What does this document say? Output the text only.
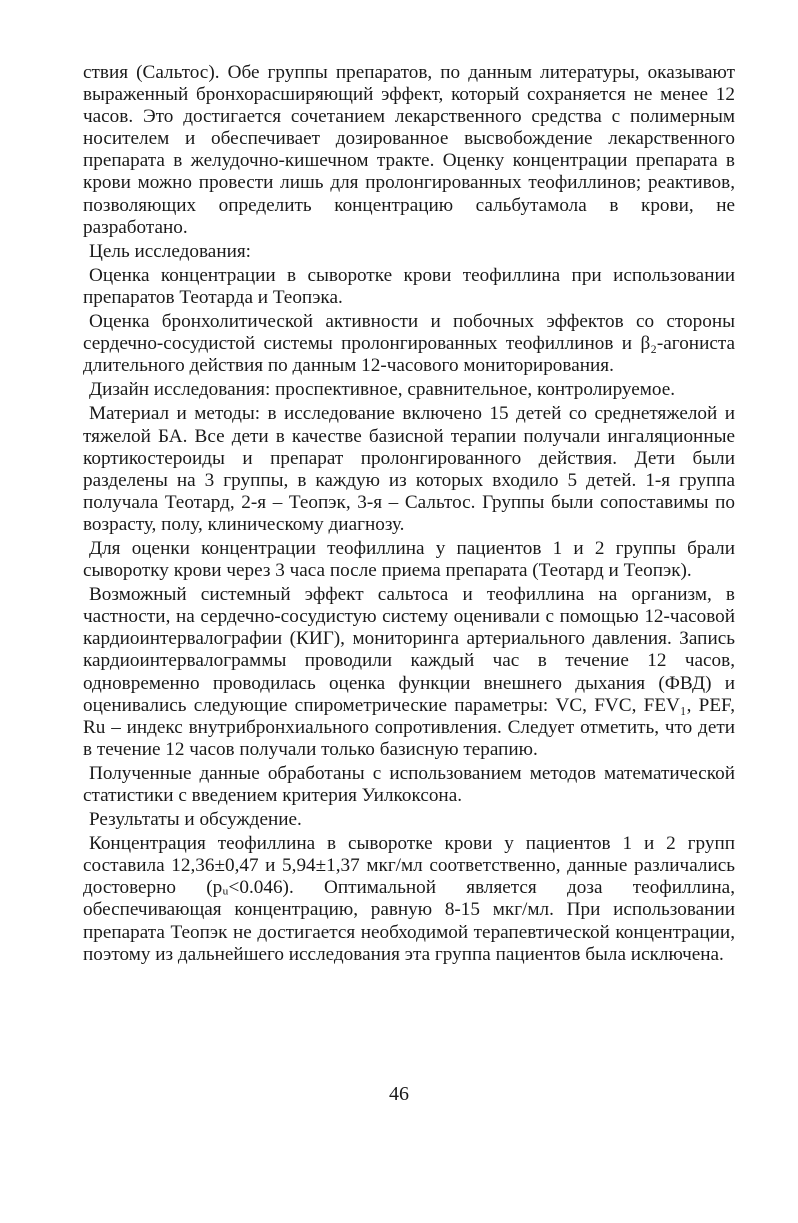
ствия (Сальтос). Обе группы препаратов, по данным литературы, оказывают выраженный бронхорасширяющий эффект, который сохраняется не менее 12 часов. Это достигается сочетанием лекарственного средства с полимерным носителем и обеспечивает дозированное высвобождение лекарственного препарата в желудочно-кишечном тракте. Оценку концентрации препарата в крови можно провести лишь для пролонгированных теофиллинов; реактивов, позволяющих определить концентрацию сальбутамола в крови, не разработано.

Цель исследования:

Оценка концентрации в сыворотке крови теофиллина при использовании препаратов Теотарда и Теопэка.

Оценка бронхолитической активности и побочных эффектов со стороны сердечно-сосудистой системы пролонгированных теофиллинов и β₂-агониста длительного действия по данным 12-часового мониторирования.

Дизайн исследования: проспективное, сравнительное, контролируемое.

Материал и методы: в исследование включено 15 детей со среднетяжелой и тяжелой БА. Все дети в качестве базисной терапии получали ингаляционные кортикостероиды и препарат пролонгированного действия. Дети были разделены на 3 группы, в каждую из которых входило 5 детей. 1-я группа получала Теотард, 2-я – Теопэк, 3-я – Сальтос. Группы были сопоставимы по возрасту, полу, клиническому диагнозу.

Для оценки концентрации теофиллина у пациентов 1 и 2 группы брали сыворотку крови через 3 часа после приема препарата (Теотард и Теопэк).

Возможный системный эффект сальтоса и теофиллина на организм, в частности, на сердечно-сосудистую систему оценивали с помощью 12-часовой кардиоинтервалографии (КИГ), мониторинга артериального давления. Запись кардиоинтервалограммы проводили каждый час в течение 12 часов, одновременно проводилась оценка функции внешнего дыхания (ФВД) и оценивались следующие спирометрические параметры: VC, FVC, FEV₁, PEF, Ru – индекс внутрибронхиального сопротивления. Следует отметить, что дети в течение 12 часов получали только базисную терапию.

Полученные данные обработаны с использованием методов математической статистики с введением критерия Уилкоксона.

Результаты и обсуждение.

Концентрация теофиллина в сыворотке крови у пациентов 1 и 2 групп составила 12,36±0,47 и 5,94±1,37 мкг/мл соответственно, данные различались достоверно (pᵤ<0.046). Оптимальной является доза теофиллина, обеспечивающая концентрацию, равную 8-15 мкг/мл. При использовании препарата Теопэк не достигается необходимой терапевтической концентрации, поэтому из дальнейшего исследования эта группа пациентов была исключена.

46
